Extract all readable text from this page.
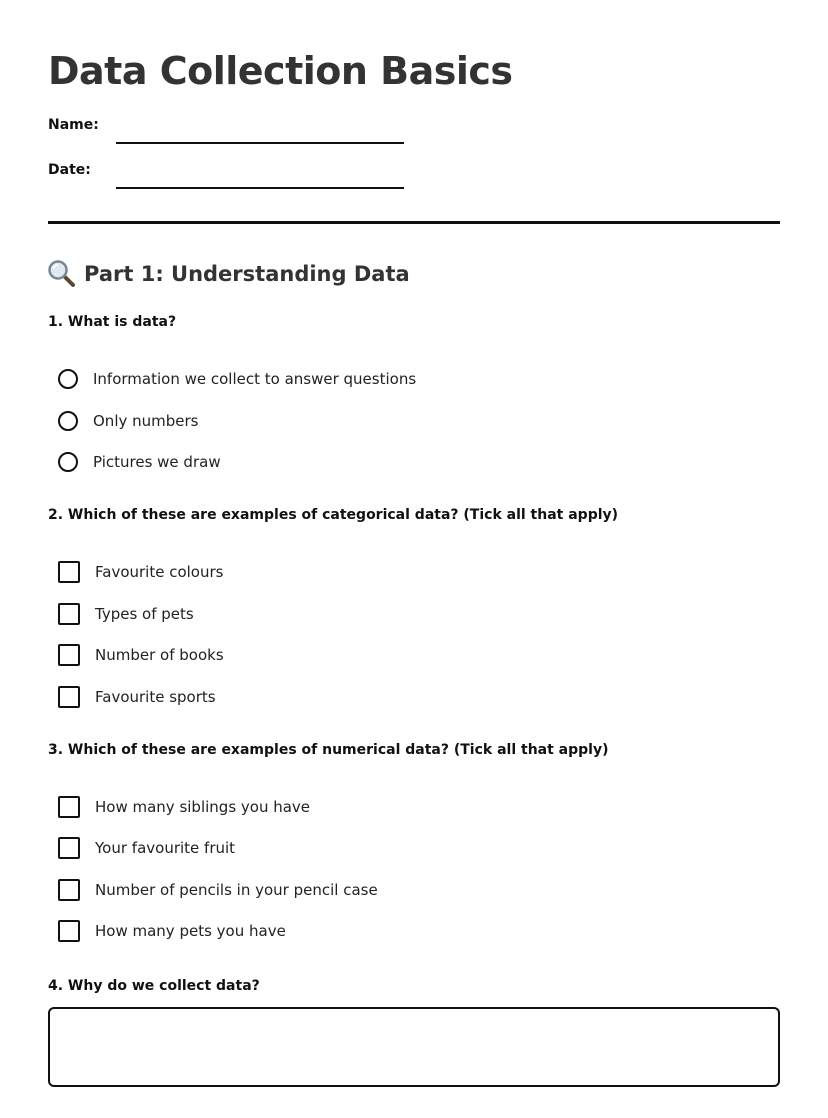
Data Collection Basics
Name:
Date:
Part 1: Understanding Data
1. What is data?
Information we collect to answer questions
Only numbers
Pictures we draw
2. Which of these are examples of categorical data? (Tick all that apply)
Favourite colours
Types of pets
Number of books
Favourite sports
3. Which of these are examples of numerical data? (Tick all that apply)
How many siblings you have
Your favourite fruit
Number of pencils in your pencil case
How many pets you have
4. Why do we collect data?
